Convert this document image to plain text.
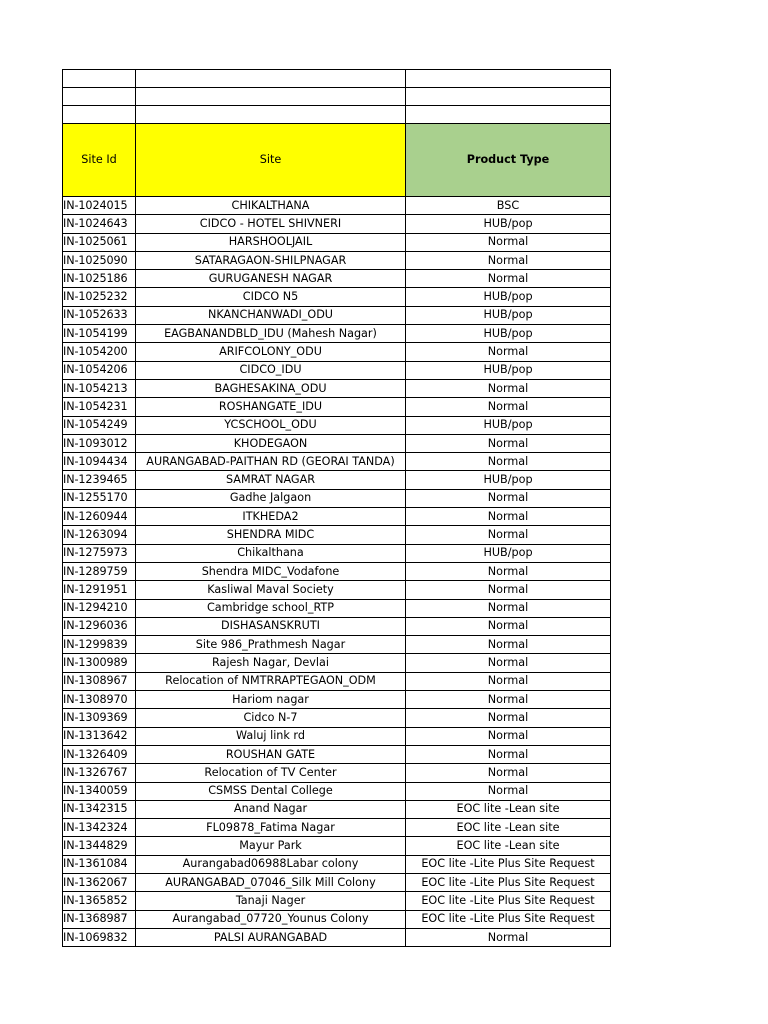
Site Id	Site	Product Type
IN-1024015	CHIKALTHANA	BSC
IN-1024643	CIDCO - HOTEL SHIVNERI	HUB/pop
IN-1025061	HARSHOOLJAIL	Normal
IN-1025090	SATARAGAON-SHILPNAGAR	Normal
IN-1025186	GURUGANESH NAGAR	Normal
IN-1025232	CIDCO N5	HUB/pop
IN-1052633	NKANCHANWADI_ODU	HUB/pop
IN-1054199	EAGBANANDBLD_IDU (Mahesh Nagar)	HUB/pop
IN-1054200	ARIFCOLONY_ODU	Normal
IN-1054206	CIDCO_IDU	HUB/pop
IN-1054213	BAGHESAKINA_ODU	Normal
IN-1054231	ROSHANGATE_IDU	Normal
IN-1054249	YCSCHOOL_ODU	HUB/pop
IN-1093012	KHODEGAON	Normal
IN-1094434	AURANGABAD-PAITHAN RD (GEORAI TANDA)	Normal
IN-1239465	SAMRAT NAGAR	HUB/pop
IN-1255170	Gadhe Jalgaon	Normal
IN-1260944	ITKHEDA2	Normal
IN-1263094	SHENDRA MIDC	Normal
IN-1275973	Chikalthana	HUB/pop
IN-1289759	Shendra MIDC_Vodafone	Normal
IN-1291951	Kasliwal Maval Society	Normal
IN-1294210	Cambridge school_RTP	Normal
IN-1296036	DISHASANSKRUTI	Normal
IN-1299839	Site 986_Prathmesh Nagar	Normal
IN-1300989	Rajesh Nagar, Devlai	Normal
IN-1308967	Relocation of NMTRRAPTEGAON_ODM	Normal
IN-1308970	Hariom nagar	Normal
IN-1309369	Cidco N-7	Normal
IN-1313642	Waluj link rd	Normal
IN-1326409	ROUSHAN GATE	Normal
IN-1326767	Relocation of TV Center	Normal
IN-1340059	CSMSS Dental College	Normal
IN-1342315	Anand Nagar	EOC lite -Lean site
IN-1342324	FL09878_Fatima Nagar	EOC lite -Lean site
IN-1344829	Mayur Park	EOC lite -Lean site
IN-1361084	Aurangabad06988Labar colony	EOC lite -Lite Plus Site Request
IN-1362067	AURANGABAD_07046_Silk Mill Colony	EOC lite -Lite Plus Site Request
IN-1365852	Tanaji Nager	EOC lite -Lite Plus Site Request
IN-1368987	Aurangabad_07720_Younus Colony	EOC lite -Lite Plus Site Request
IN-1069832	PALSI AURANGABAD	Normal
